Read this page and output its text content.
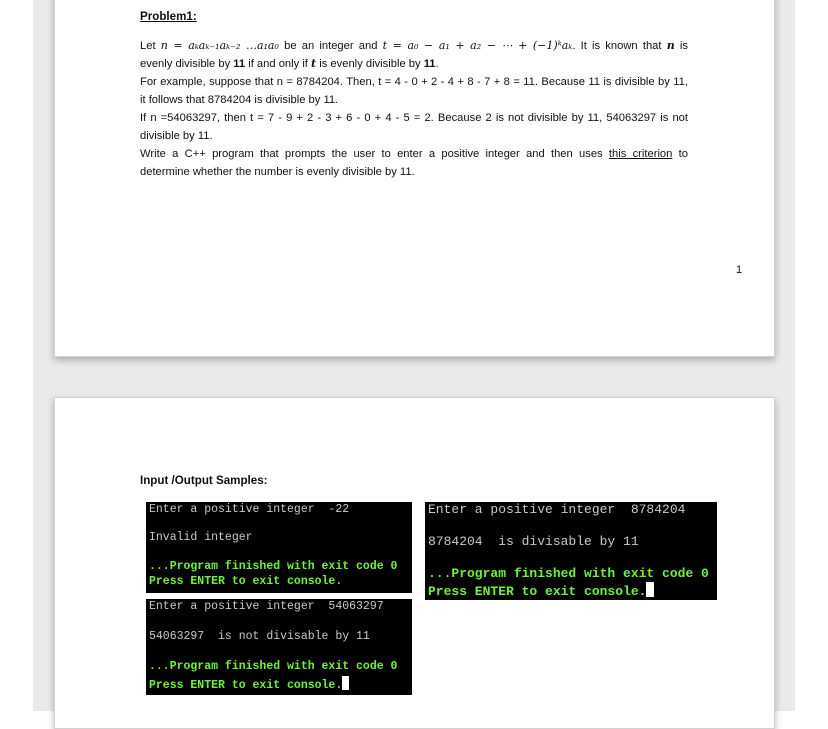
1
Problem1:
Let n = aₖaₖ₋₁aₖ₋₂ …a₁a₀ be an integer and t = a₀ − a₁ + a₂ − ⋯ + (−1)ᵏaₖ. It is known that n is
evenly divisible by 11 if and only if t is evenly divisible by 11.
For example, suppose that n = 8784204. Then, t = 4 - 0 + 2 - 4 + 8 - 7 + 8 = 11. Because 11 is divisible by 11,
it follows that 8784204 is divisible by 11.
If n =54063297, then t = 7 - 9 + 2 - 3 + 6 - 0 + 4 - 5 = 2. Because 2 is not divisible by 11, 54063297 is not
divisible by 11.
Write a C++ program that prompts the user to enter a positive integer and then uses this criterion to
determine whether the number is evenly divisible by 11.
Input /Output Samples:

Enter a positive integer  -22

Invalid integer

...Program finished with exit code 0

Press ENTER to exit console.

Enter a positive integer  8784204

8784204  is divisable by 11

...Program finished with exit code 0

Press ENTER to exit console.

Enter a positive integer  54063297

54063297  is not divisable by 11

...Program finished with exit code 0

Press ENTER to exit console.
